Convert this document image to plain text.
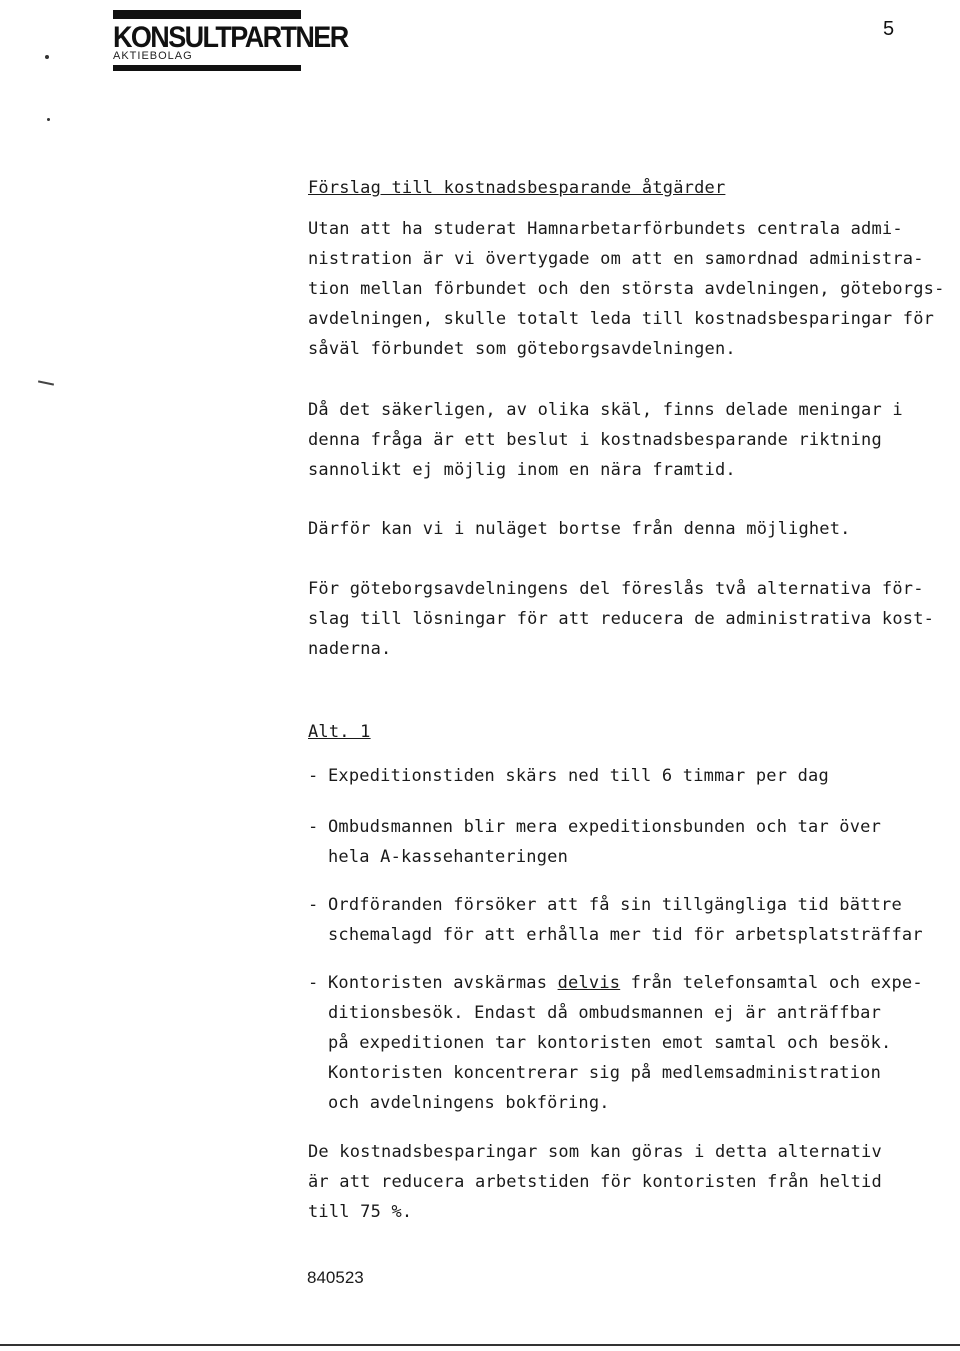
KONSULTPARTNER
AKTIEBOLAG
5
Förslag till kostnadsbesparande åtgärder
Utan att ha studerat Hamnarbetarförbundets centrala admi-
nistration är vi övertygade om att en samordnad administra-
tion mellan förbundet och den största avdelningen, göteborgs-
avdelningen, skulle totalt leda till kostnadsbesparingar för
såväl förbundet som göteborgsavdelningen.
Då det säkerligen, av olika skäl, finns delade meningar i
denna fråga är ett beslut i kostnadsbesparande riktning
sannolikt ej möjlig inom en nära framtid.
Därför kan vi i nuläget bortse från denna möjlighet.
För göteborgsavdelningens del föreslås två alternativa för-
slag till lösningar för att reducera de administrativa kost-
naderna.
Alt. 1
- Expeditionstiden skärs ned till 6 timmar per dag
- Ombudsmannen blir mera expeditionsbunden och tar över
hela A-kassehanteringen
- Ordföranden försöker att få sin tillgängliga tid bättre
schemalagd för att erhålla mer tid för arbetsplatsträffar
- Kontoristen avskärmas delvis från telefonsamtal och expe-
ditionsbesök. Endast då ombudsmannen ej är anträffbar
på expeditionen tar kontoristen emot samtal och besök.
Kontoristen koncentrerar sig på medlemsadministration
och avdelningens bokföring.
De kostnadsbesparingar som kan göras i detta alternativ
är att reducera arbetstiden för kontoristen från heltid
till 75 %.
840523
